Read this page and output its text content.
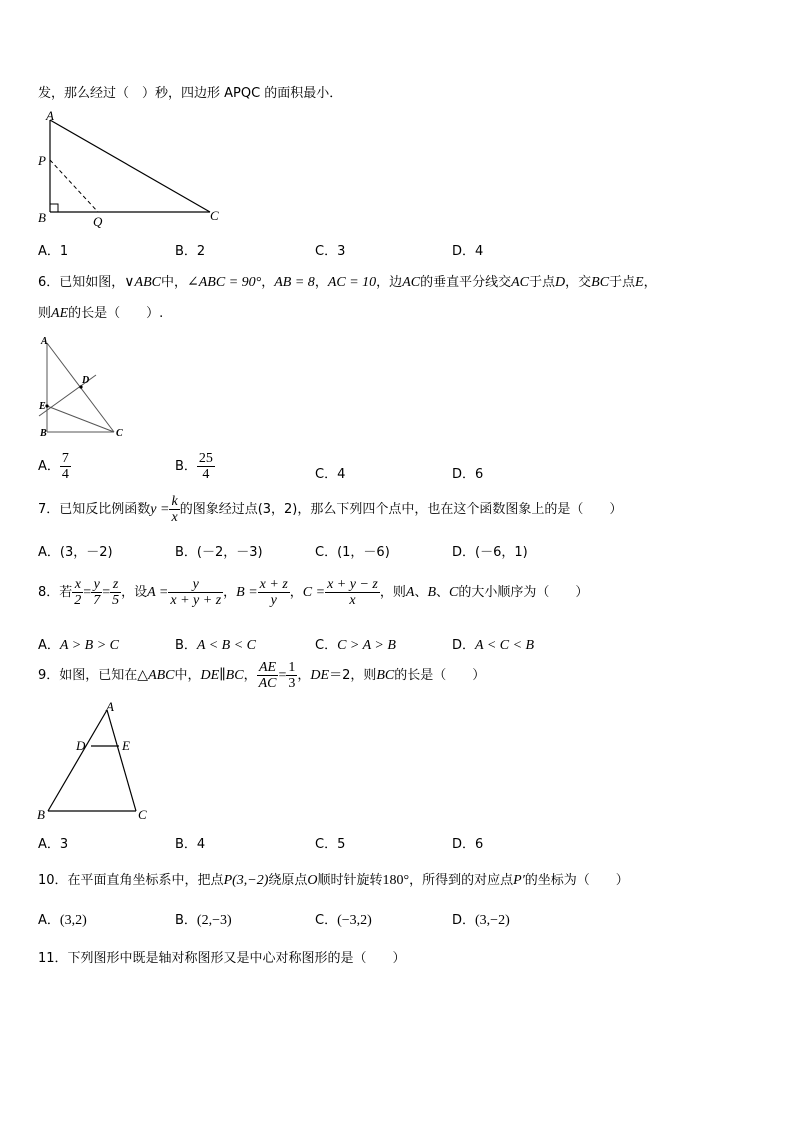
发，那么经过（　）秒，四边形 APQC 的面积最小．
A
P
B	Q	C
A．1	B．2	C．3	D．4
6．已知如图，∨ABC中，∠ABC = 90°，AB = 8，AC = 10，边AC的垂直平分线交AC于点D，交BC于点E，
则AE的长是（　　）.
A
D
E
B	C
A． $\frac{7}{4}$	B． $\frac{25}{4}$	C．4	D．6
7．已知反比例函数$y = \frac{k}{x}$ 的图象经过点(3，2)，那么下列四个点中，也在这个函数图象上的是（　　）
A．(3，－2)	B．(－2，－3)	C．(1，－6)	D．(－6，1)
8．若 $\frac{x}{2} = \frac{y}{7} = \frac{z}{5}$ ，设$A = \frac{y}{x + y + z}$ ，$B = \frac{x + z}{y}$ ，$C = \frac{x + y - z}{x}$ ，则A、B、C的大小顺序为（　　）
A．A > B > C	B．A < B < C	C．C > A > B	D．A < C < B
9．如图，已知在△ABC中，DE∥BC， $\frac{AE}{AC} = \frac{1}{3}$ ，DE＝2，则BC的长是（　　）
A
D	E
B	C
A．3	B．4	C．5	D．6
10．在平面直角坐标系中，把点P(3,−2)绕原点O顺时针旋转180°，所得到的对应点P′的坐标为（　　）
A．(3,2)	B．(2,−3)	C．(−3,2)	D．(3,−2)
11．下列图形中既是轴对称图形又是中心对称图形的是（　　）
